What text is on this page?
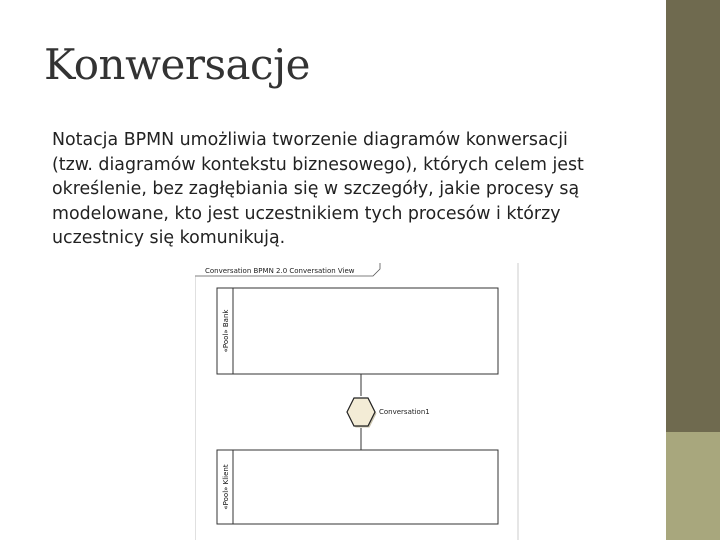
Konwersacje
Notacja BPMN umożliwia tworzenie diagramów konwersacji
(tzw. diagramów kontekstu biznesowego), których celem jest
określenie, bez zagłębiania się w szczegóły, jakie procesy są
modelowane, kto jest uczestnikiem tych procesów i którzy
uczestnicy się komunikują.
Conversation BPMN 2.0 Conversation View
«Pool» Bank
Conversation1
«Pool» Klient
